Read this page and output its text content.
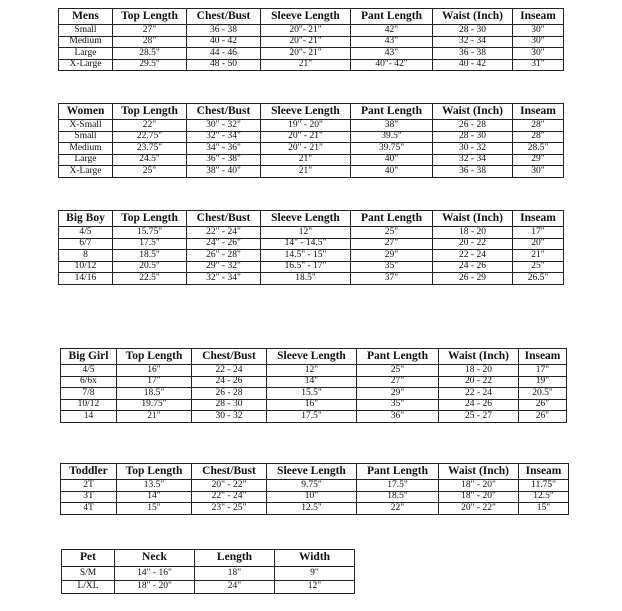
Mens	Top Length	Chest/Bust	Sleeve Length	Pant Length	Waist (Inch)	Inseam
Small	27"	36 - 38	20"- 21"	42"	28 - 30	30"
Medium	28"	40 - 42	20"- 21"	43"	32 - 34	30"
Large	28.5"	44 - 46	20"- 21"	43"	36 - 38	30"
X-Large	29.5"	48 - 50	21"	40"- 42"	40 - 42	31"
Women	Top Length	Chest/Bust	Sleeve Length	Pant Length	Waist (Inch)	Inseam
X-Small	22"	30" - 32"	19" - 20"	38"	26 - 28	28"
Small	22.75"	32" - 34"	20" - 21"	39.5"	28 - 30	28"
Medium	23.75"	34" - 36"	20" - 21"	39.75"	30 - 32	28.5"
Large	24.5"	36" - 38"	21"	40"	32 - 34	29"
X-Large	25"	38" - 40"	21"	40"	36 - 38	30"
Big Boy	Top Length	Chest/Bust	Sleeve Length	Pant Length	Waist (Inch)	Inseam
4/5	15.75"	22" - 24"	12"	25"	18 - 20	17"
6/7	17.5"	24" - 26"	14" - 14.5"	27"	20 - 22	20"
8	18.5"	26" - 28"	14.5" - 15"	29"	22 - 24	21"
10/12	20.5"	29" - 32"	16.5" - 17"	35"	24 - 26	25"
14/16	22.5"	32" - 34"	18.5"	37"	26 - 29	26.5"
Big Girl	Top Length	Chest/Bust	Sleeve Length	Pant Length	Waist (Inch)	Inseam
4/5	16"	22 - 24	12"	25"	18 - 20	17"
6/6x	17"	24 - 26	14"	27"	20 - 22	19"
7/8	18.5"	26 - 28	15.5"	29"	22 - 24	20.5"
10/12	19.75"	28 - 30	16"	35"	24 - 26	26"
14	21"	30 - 32	17.5"	36"	25 - 27	26"
Toddler	Top Length	Chest/Bust	Sleeve Length	Pant Length	Waist (Inch)	Inseam
2T	13.5"	20" - 22"	9.75"	17.5"	18" - 20"	11.75"
3T	14"	22" - 24"	10"	18.5"	18" - 20"	12.5"
4T	15"	23" - 25"	12.5"	22"	20" - 22"	15"
Pet	Neck	Length	Width
S/M	14" - 16"	18"	9"
L/XL	18" - 20"	24"	12"
